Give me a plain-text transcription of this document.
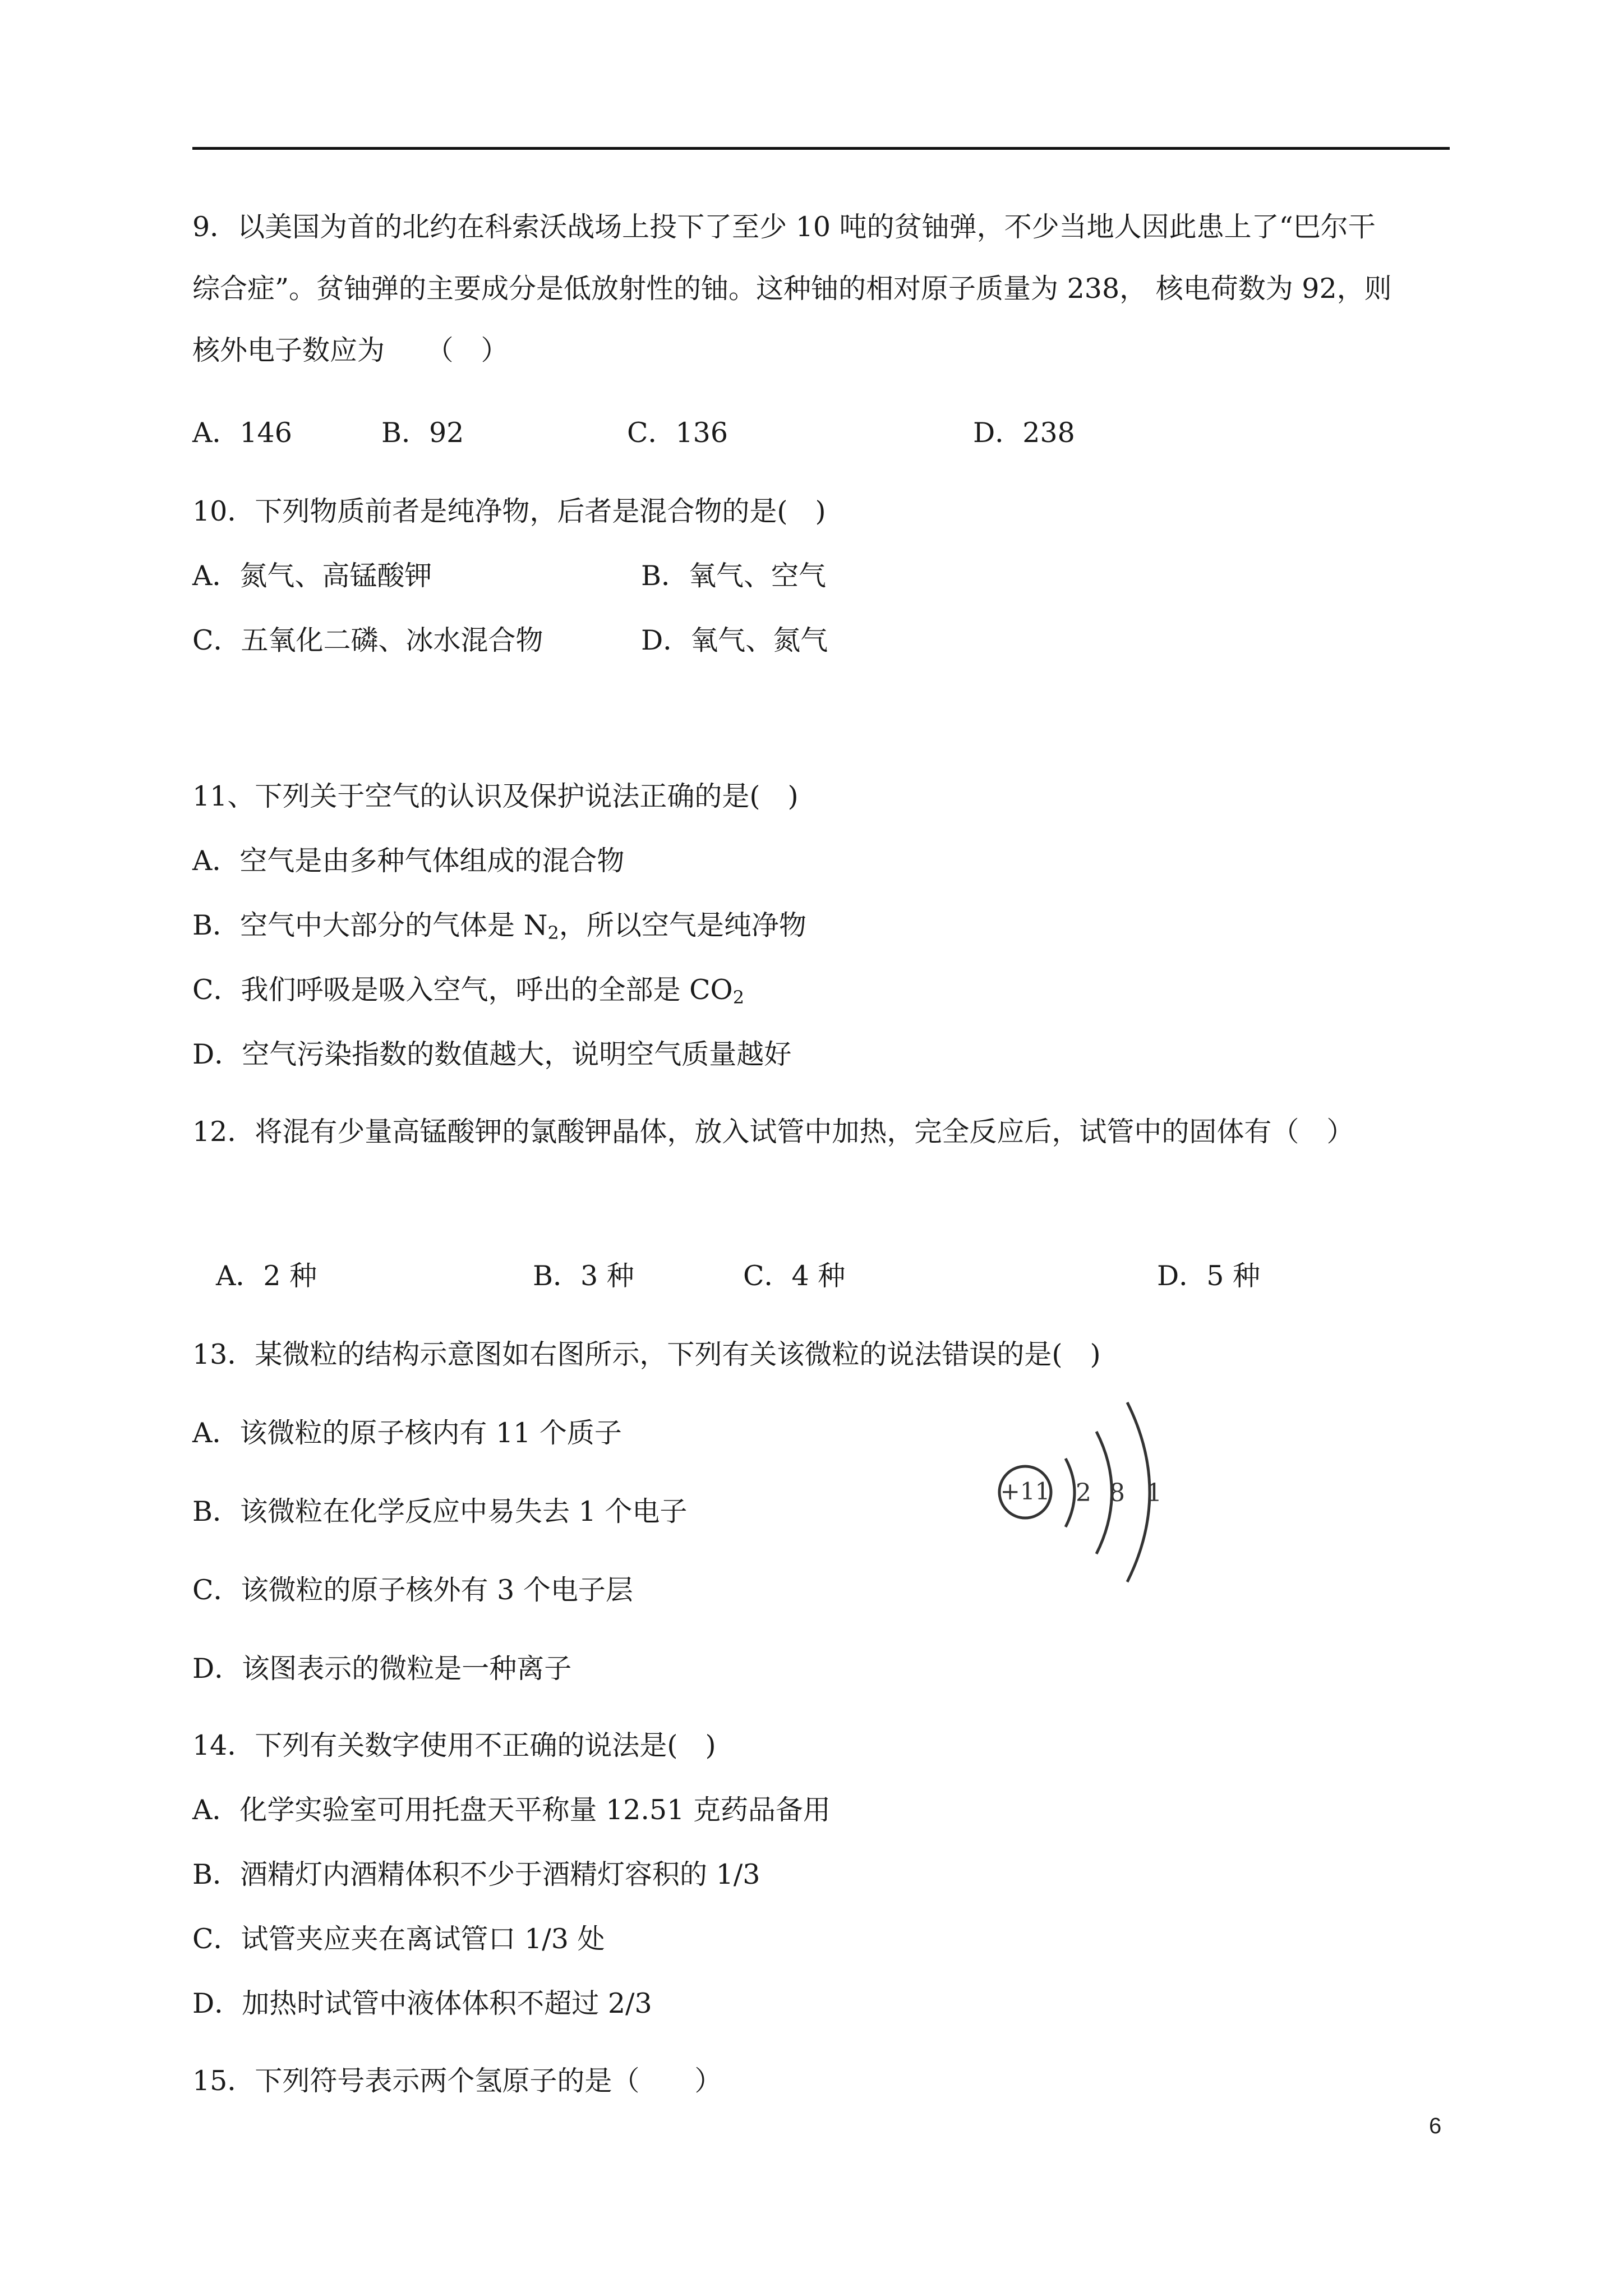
9．以美国为首的北约在科索沃战场上投下了至少 10 吨的贫铀弹，不少当地人因此患上了“巴尔干
综合症”。贫铀弹的主要成分是低放射性的铀。这种铀的相对原子质量为 238， 核电荷数为 92，则
核外电子数应为　　（　）
A．146	B．92	C．136	D．238
10．下列物质前者是纯净物，后者是混合物的是(　)
A．氮气、高锰酸钾	B．氧气、空气
C．五氧化二磷、冰水混合物	D．氧气、氮气
11、下列关于空气的认识及保护说法正确的是(　)
A．空气是由多种气体组成的混合物
B．空气中大部分的气体是 $N_2$，所以空气是纯净物
C．我们呼吸是吸入空气，呼出的全部是 $CO_2$
D．空气污染指数的数值越大，说明空气质量越好
12．将混有少量高锰酸钾的氯酸钾晶体，放入试管中加热，完全反应后，试管中的固体有（　）
A．2 种	B．3 种	C．4 种	D．5 种
13．某微粒的结构示意图如右图所示，下列有关该微粒的说法错误的是(　)
A．该微粒的原子核内有 11 个质子
B．该微粒在化学反应中易失去 1 个电子
C．该微粒的原子核外有 3 个电子层
D．该图表示的微粒是一种离子
+11 2 8 1
14．下列有关数字使用不正确的说法是(　)
A．化学实验室可用托盘天平称量 12.51 克药品备用
B．酒精灯内酒精体积不少于酒精灯容积的 1/3
C．试管夹应夹在离试管口 1/3 处
D．加热时试管中液体体积不超过 2/3
15．下列符号表示两个氢原子的是（　　）
6
